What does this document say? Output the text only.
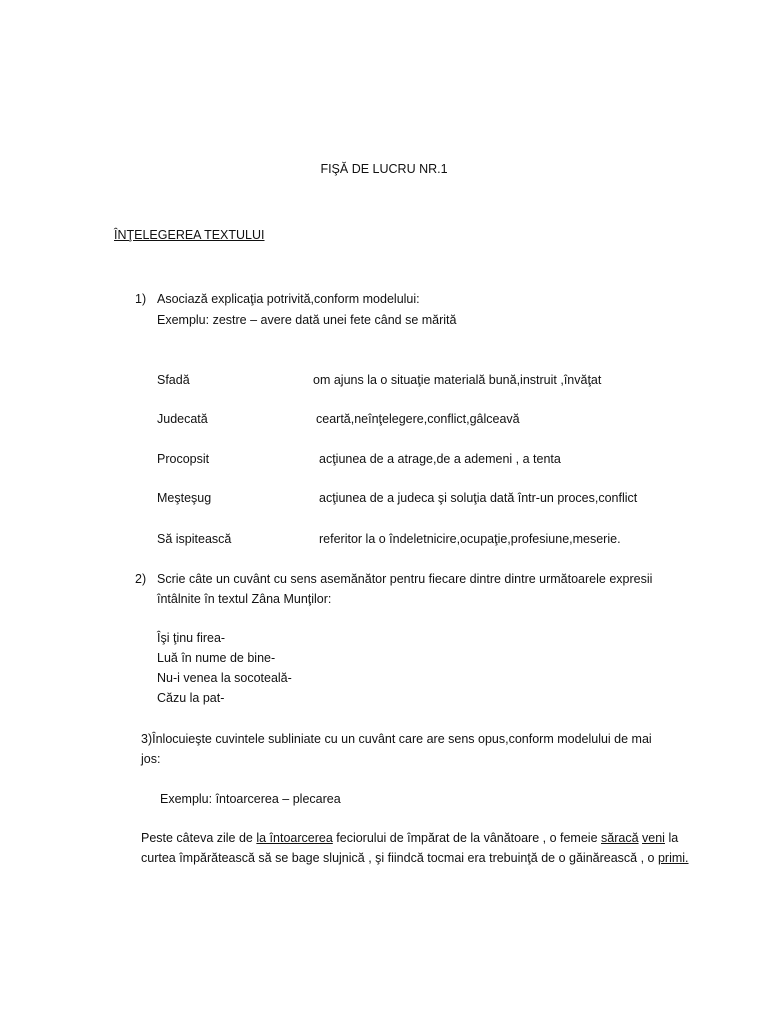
FIŞĂ DE LUCRU NR.1
ÎNŢELEGEREA TEXTULUI
1) Asociază explicaţia potrivită,conform modelului:
Exemplu: zestre – avere dată unei fete când se mărită
Sfadă	om ajuns la o situaţie materială bună,instruit ,învăţat
Judecată	ceartă,neînţelegere,conflict,gâlceavă
Procopsit	acţiunea de a atrage,de a ademeni , a tenta
Meşteşug	acţiunea de a judeca şi soluţia dată într-un proces,conflict
Să ispitească	referitor la o îndeletnicire,ocupaţie,profesiune,meserie.
2) Scrie câte un cuvânt cu sens asemănător pentru fiecare dintre dintre următoarele expresii
întâlnite în textul Zâna Munţilor:
Îşi ţinu firea-
Luă în nume de bine-
Nu-i venea la socoteală-
Căzu la pat-
3)Înlocuieşte cuvintele subliniate cu un cuvânt care are sens opus,conform modelului de mai
jos:
Exemplu: întoarcerea – plecarea
Peste câteva zile de la întoarcerea feciorului de împărat de la vânătoare , o femeie săracă veni la curtea împărătească să se bage slujnică , şi fiindcă tocmai era trebuinţă de o găinărească , o primi.
